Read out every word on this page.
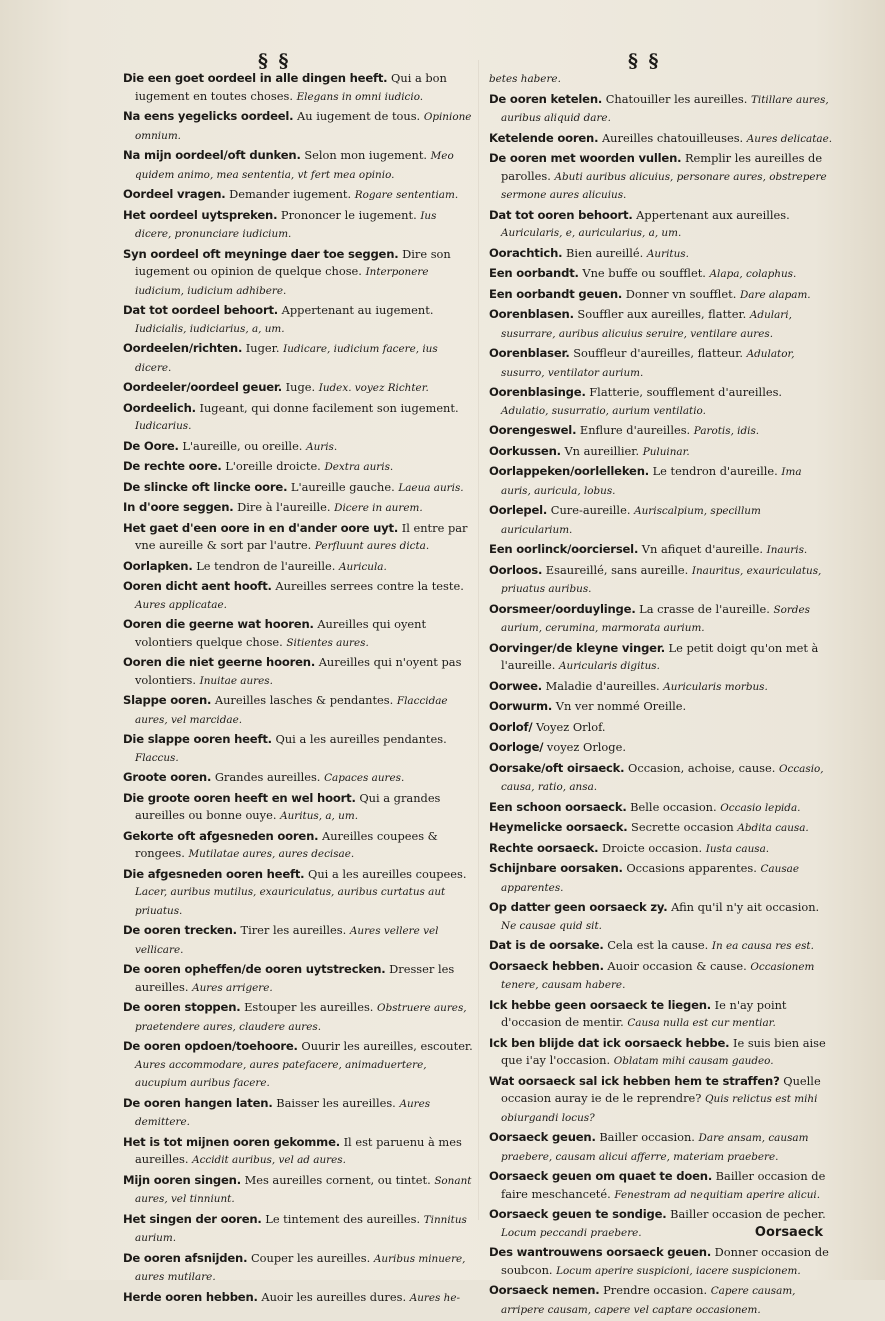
§ §	§ §

Die een goet oordeel in alle dingen heeft. Qui a bon iugement en toutes choses. Elegans in omni iudicio.

Na eens yegelicks oordeel. Au iugement de tous. Opinione omnium.

Na mijn oordeel/oft dunken. Selon mon iugement. Meo quidem animo, mea sententia, vt fert mea opinio.

Oordeel vragen. Demander iugement. Rogare sententiam.

Het oordeel uytspreken. Prononcer le iugement. Ius dicere, pronunciare iudicium.

Syn oordeel oft meyninge daer toe seggen. Dire son iugement ou opinion de quelque chose. Interponere iudicium, iudicium adhibere.

Dat tot oordeel behoort. Appertenant au iugement. Iudicialis, iudiciarius, a, um.

Oordeelen/richten. Iuger. Iudicare, iudicium facere, ius dicere.

Oordeeler/oordeel geuer. Iuge. Iudex. voyez Richter.

Oordeelich. Iugeant, qui donne facilement son iugement. Iudicarius.

De Oore. L'aureille, ou oreille. Auris.

De rechte oore. L'oreille droicte. Dextra auris.

De slincke oft lincke oore. L'aureille gauche. Laeua auris.

In d'oore seggen. Dire à l'aureille. Dicere in aurem.

Het gaet d'een oore in en d'ander oore uyt. Il entre par vne aureille & sort par l'autre. Perfluunt aures dicta.

Oorlapken. Le tendron de l'aureille. Auricula.

Ooren dicht aent hooft. Aureilles serrees contre la teste. Aures applicatae.

Ooren die geerne wat hooren. Aureilles qui oyent volontiers quelque chose. Sitientes aures.

Ooren die niet geerne hooren. Aureilles qui n'oyent pas volontiers. Inuitae aures.

Slappe ooren. Aureilles lasches & pendantes. Flaccidae aures, vel marcidae.

Die slappe ooren heeft. Qui a les aureilles pendantes. Flaccus.

Groote ooren. Grandes aureilles. Capaces aures.

Die groote ooren heeft en wel hoort. Qui a grandes aureilles ou bonne ouye. Auritus, a, um.

Gekorte oft afgesneden ooren. Aureilles coupees & rongees. Mutilatae aures, aures decisae.

Die afgesneden ooren heeft. Qui a les aureilles coupees. Lacer, auribus mutilus, exauriculatus, auribus curtatus aut priuatus.

De ooren trecken. Tirer les aureilles. Aures vellere vel vellicare.

De ooren opheffen/de ooren uytstrecken. Dresser les aureilles. Aures arrigere.

De ooren stoppen. Estouper les aureilles. Obstruere aures, praetendere aures, claudere aures.

De ooren opdoen/toehoore. Ouurir les aureilles, escouter. Aures accommodare, aures patefacere, animaduertere, aucupium auribus facere.

De ooren hangen laten. Baisser les aureilles. Aures demittere.

Het is tot mijnen ooren gekomme. Il est paruenu à mes aureilles. Accidit auribus, vel ad aures.

Mijn ooren singen. Mes aureilles cornent, ou tintet. Sonant aures, vel tinniunt.

Het singen der ooren. Le tintement des aureilles. Tinnitus aurium.

De ooren afsnijden. Couper les aureilles. Auribus minuere, aures mutilare.

Herde ooren hebben. Auoir les aureilles dures. Aures he-

betes habere.

De ooren ketelen. Chatouiller les aureilles. Titillare aures, auribus aliquid dare.

Ketelende ooren. Aureilles chatouilleuses. Aures delicatae.

De ooren met woorden vullen. Remplir les aureilles de parolles. Abuti auribus alicuius, personare aures, obstrepere sermone aures alicuius.

Dat tot ooren behoort. Appertenant aux aureilles. Auricularis, e, auricularius, a, um.

Oorachtich. Bien aureillé. Auritus.

Een oorbandt. Vne buffe ou soufflet. Alapa, colaphus.

Een oorbandt geuen. Donner vn soufflet. Dare alapam.

Oorenblasen. Souffler aux aureilles, flatter. Adulari, susurrare, auribus alicuius seruire, ventilare aures.

Oorenblaser. Souffleur d'aureilles, flatteur. Adulator, susurro, ventilator aurium.

Oorenblasinge. Flatterie, soufflement d'aureilles. Adulatio, susurratio, aurium ventilatio.

Oorengeswel. Enflure d'aureilles. Parotis, idis.

Oorkussen. Vn aureillier. Puluinar.

Oorlappeken/oorlelleken. Le tendron d'aureille. Ima auris, auricula, lobus.

Oorlepel. Cure-aureille. Auriscalpium, specillum auricularium.

Een oorlinck/oorciersel. Vn afiquet d'aureille. Inauris.

Oorloos. Esaureillé, sans aureille. Inauritus, exauriculatus, priuatus auribus.

Oorsmeer/oorduylinge. La crasse de l'aureille. Sordes aurium, cerumina, marmorata aurium.

Oorvinger/de kleyne vinger. Le petit doigt qu'on met à l'aureille. Auricularis digitus.

Oorwee. Maladie d'aureilles. Auricularis morbus.

Oorwurm. Vn ver nommé Oreille.

Oorlof/ Voyez Orlof.

Oorloge/ voyez Orloge.

Oorsake/oft oirsaeck. Occasion, achoise, cause. Occasio, causa, ratio, ansa.

Een schoon oorsaeck. Belle occasion. Occasio lepida.

Heymelicke oorsaeck. Secrette occasion Abdita causa.

Rechte oorsaeck. Droicte occasion. Iusta causa.

Schijnbare oorsaken. Occasions apparentes. Causae apparentes.

Op datter geen oorsaeck zy. Afin qu'il n'y ait occasion. Ne causae quid sit.

Dat is de oorsake. Cela est la cause. In ea causa res est.

Oorsaeck hebben. Auoir occasion & cause. Occasionem tenere, causam habere.

Ick hebbe geen oorsaeck te liegen. Ie n'ay point d'occasion de mentir. Causa nulla est cur mentiar.

Ick ben blijde dat ick oorsaeck hebbe. Ie suis bien aise que i'ay l'occasion. Oblatam mihi causam gaudeo.

Wat oorsaeck sal ick hebben hem te straffen? Quelle occasion auray ie de le reprendre? Quis relictus est mihi obiurgandi locus?

Oorsaeck geuen. Bailler occasion. Dare ansam, causam praebere, causam alicui afferre, materiam praebere.

Oorsaeck geuen om quaet te doen. Bailler occasion de faire meschanceté. Fenestram ad nequitiam aperire alicui.

Oorsaeck geuen te sondige. Bailler occasion de pecher. Locum peccandi praebere.

Des wantrouwens oorsaeck geuen. Donner occasion de soubcon. Locum aperire suspicioni, iacere suspicionem.

Oorsaeck nemen. Prendre occasion. Capere causam, arripere causam, capere vel captare occasionem.

Oorsaeck
